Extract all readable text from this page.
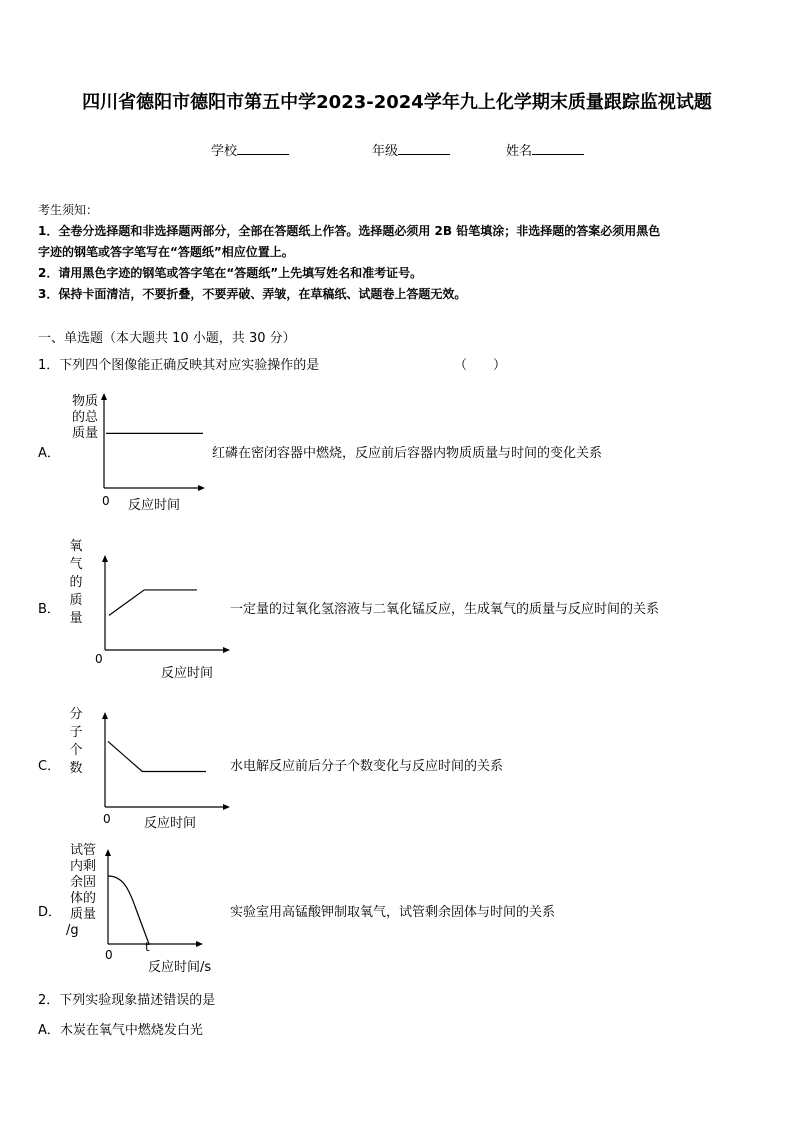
四川省德阳市德阳市第五中学2023-2024学年九上化学期末质量跟踪监视试题
学校	年级	姓名
考生须知：
1．全卷分选择题和非选择题两部分，全部在答题纸上作答。选择题必须用 2B 铅笔填涂；非选择题的答案必须用黑色
字迹的钢笔或答字笔写在“答题纸”相应位置上。
2．请用黑色字迹的钢笔或答字笔在“答题纸”上先填写姓名和准考证号。
3．保持卡面清洁，不要折叠，不要弄破、弄皱，在草稿纸、试题卷上答题无效。
一、单选题（本大题共 10 小题，共 30 分）
1．下列四个图像能正确反映其对应实验操作的是	（　　）
A．
物质
的总
质量
0 反应时间
红磷在密闭容器中燃烧，反应前后容器内物质质量与时间的变化关系
B．
氧
气
的
质
量
0
反应时间
一定量的过氧化氢溶液与二氧化锰反应，生成氧气的质量与反应时间的关系
C．
分
子
个
数
0	反应时间
水电解反应前后分子个数变化与反应时间的关系
D．
试管
内剩
余固
体的
质量
/g
t
0
反应时间/s
实验室用高锰酸钾制取氧气，试管剩余固体与时间的关系
2．下列实验现象描述错误的是
A．木炭在氧气中燃烧发白光
